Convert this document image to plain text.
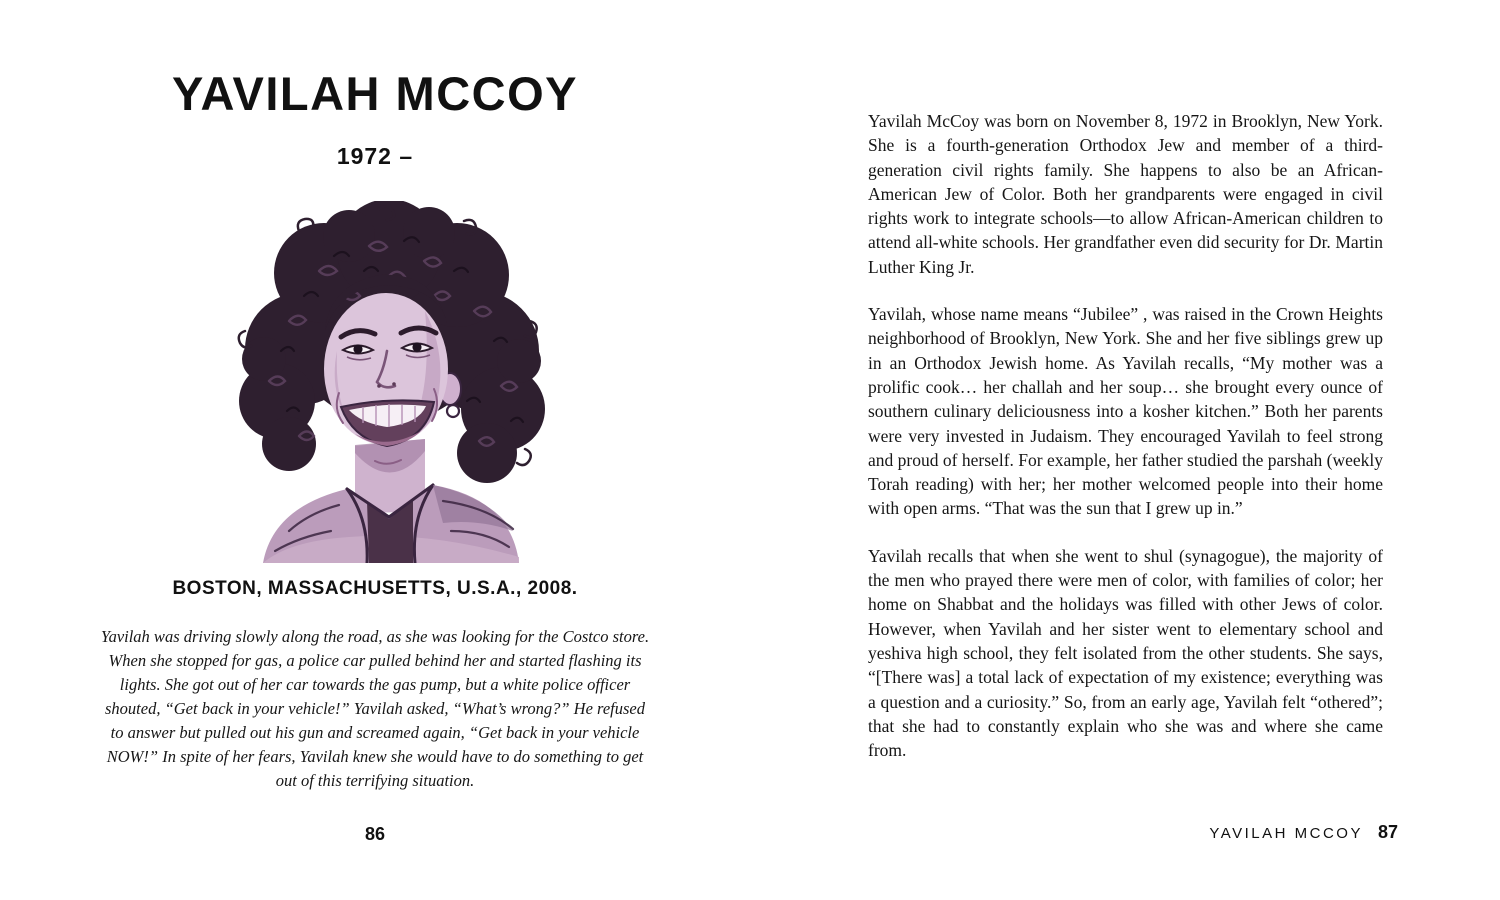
YAVILAH MCCOY
1972 –
BOSTON, MASSACHUSETTS, U.S.A., 2008.

Yavilah was driving slowly along the road, as she was looking for the Costco store. When she stopped for gas, a police car pulled behind her and started flashing its lights. She got out of her car towards the gas pump, but a white police officer shouted, “Get back in your vehicle!” Yavilah asked, “What’s wrong?” He refused to answer but pulled out his gun and screamed again, “Get back in your vehicle NOW!” In spite of her fears, Yavilah knew she would have to do something to get out of this terrifying situation.

86

Yavilah McCoy was born on November 8, 1972 in Brooklyn, New York. She is a fourth-generation Orthodox Jew and member of a third-generation civil rights family. She happens to also be an African-American Jew of Color. Both her grandparents were engaged in civil rights work to integrate schools—to allow African-American children to attend all-white schools. Her grandfather even did security for Dr. Martin Luther King Jr.

Yavilah, whose name means “Jubilee” , was raised in the Crown Heights neighborhood of Brooklyn, New York. She and her five siblings grew up in an Orthodox Jewish home. As Yavilah recalls, “My mother was a prolific cook… her challah and her soup… she brought every ounce of southern culinary deliciousness into a kosher kitchen.” Both her parents were very invested in Judaism. They encouraged Yavilah to feel strong and proud of herself. For example, her father studied the parshah (weekly Torah reading) with her; her mother welcomed people into their home with open arms. “That was the sun that I grew up in.”

Yavilah recalls that when she went to shul (synagogue), the majority of the men who prayed there were men of color, with families of color; her home on Shabbat and the holidays was filled with other Jews of color. However, when Yavilah and her sister went to elementary school and yeshiva high school, they felt isolated from the other students. She says, “[There was] a total lack of expectation of my existence; everything was a question and a curiosity.” So, from an early age, Yavilah felt “othered”; that she had to constantly explain who she was and where she came from.

YAVILAH MCCOY 87
